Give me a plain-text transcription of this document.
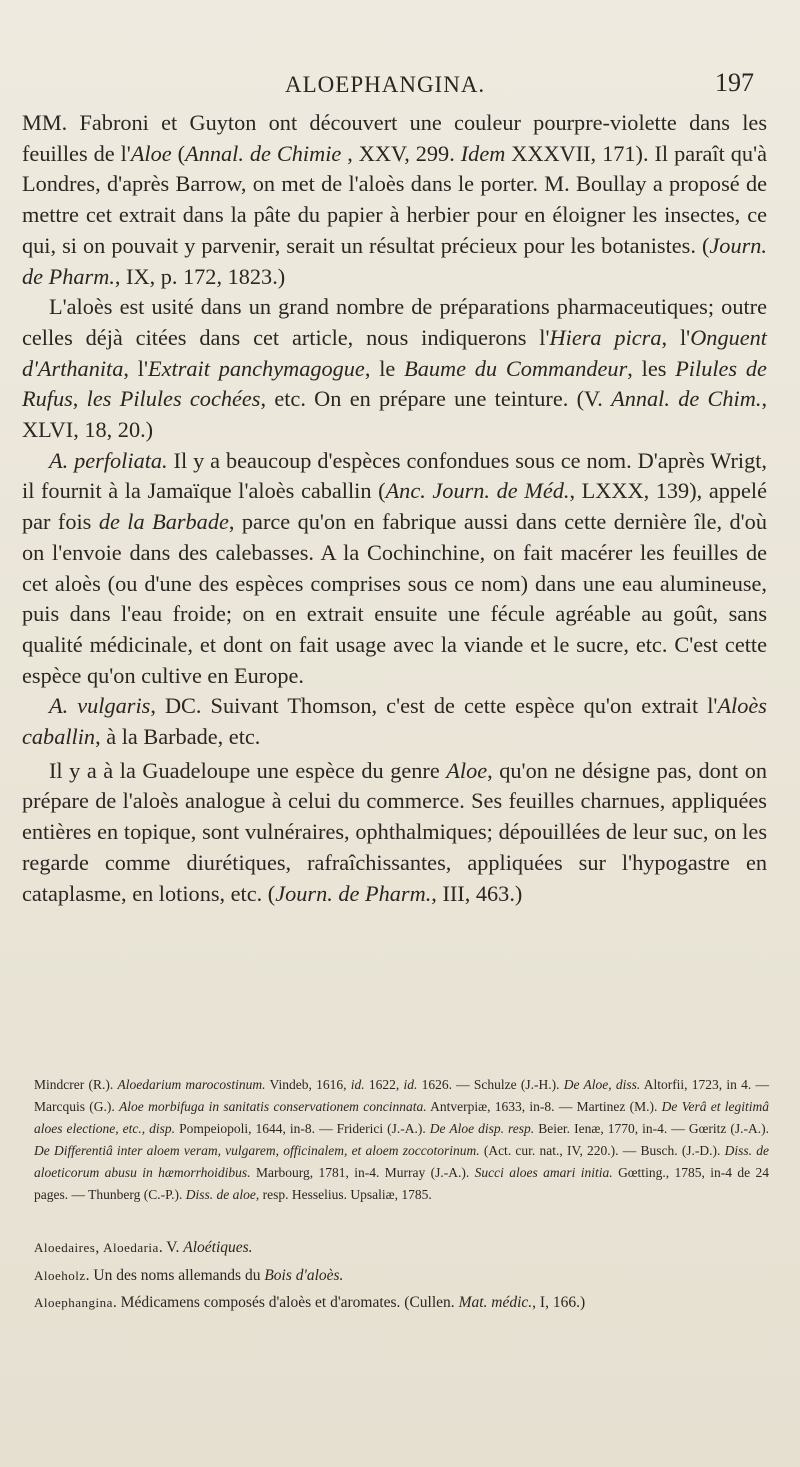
ALOEPHANGINA.	197

MM. Fabroni et Guyton ont découvert une couleur pourpre-violette dans les feuilles de l'Aloe (Annal. de Chimie , XXV, 299. Idem XXXVII, 171). Il paraît qu'à Londres, d'après Barrow, on met de l'aloès dans le porter. M. Boullay a proposé de mettre cet extrait dans la pâte du papier à herbier pour en éloigner les insectes, ce qui, si on pouvait y parvenir, serait un résultat précieux pour les botanistes. (Journ. de Pharm., IX, p. 172, 1823.)

L'aloès est usité dans un grand nombre de préparations pharmaceutiques; outre celles déjà citées dans cet article, nous indiquerons l'Hiera picra, l'Onguent d'Arthanita, l'Extrait panchymagogue, le Baume du Commandeur, les Pilules de Rufus, les Pilules cochées, etc. On en prépare une teinture. (V. Annal. de Chim., XLVI, 18, 20.)

A. perfoliata. Il y a beaucoup d'espèces confondues sous ce nom. D'après Wrigt, il fournit à la Jamaïque l'aloès caballin (Anc. Journ. de Méd., LXXX, 139), appelé par fois de la Barbade, parce qu'on en fabrique aussi dans cette dernière île, d'où on l'envoie dans des calebasses. A la Cochinchine, on fait macérer les feuilles de cet aloès (ou d'une des espèces comprises sous ce nom) dans une eau alumineuse, puis dans l'eau froide; on en extrait ensuite une fécule agréable au goût, sans qualité médicinale, et dont on fait usage avec la viande et le sucre, etc. C'est cette espèce qu'on cultive en Europe.

A. vulgaris, DC. Suivant Thomson, c'est de cette espèce qu'on extrait l'Aloès caballin, à la Barbade, etc.

Il y a à la Guadeloupe une espèce du genre Aloe, qu'on ne désigne pas, dont on prépare de l'aloès analogue à celui du commerce. Ses feuilles charnues, appliquées entières en topique, sont vulnéraires, ophthalmiques; dépouillées de leur suc, on les regarde comme diurétiques, rafraîchissantes, appliquées sur l'hypogastre en cataplasme, en lotions, etc. (Journ. de Pharm., III, 463.)

Mindcrer (R.). Aloedarium marocostinum. Vindeb, 1616, id. 1622, id. 1626. — Schulze (J.-H.). De Aloe, diss. Altorfii, 1723, in 4. — Marcquis (G.). Aloe morbifuga in sanitatis conservationem concinnata. Antverpiæ, 1633, in-8. — Martinez (M.). De Verâ et legitimâ aloes electione, etc., disp. Pompeiopoli, 1644, in-8. — Friderici (J.-A.). De Aloe disp. resp. Beier. Ienæ, 1770, in-4. — Gœritz (J.-A.). De Differentiâ inter aloem veram, vulgarem, officinalem, et aloem zoccotorinum. (Act. cur. nat., IV, 220.). — Busch. (J.-D.). Diss. de aloeticorum abusu in hæmorrhoidibus. Marbourg, 1781, in-4. Murray (J.-A.). Succi aloes amari initia. Gœtting., 1785, in-4 de 24 pages. — Thunberg (C.-P.). Diss. de aloe, resp. Hesselius. Upsaliæ, 1785.

Aloedaires, Aloedaria. V. Aloétiques.

Aloeholz. Un des noms allemands du Bois d'aloès.

Aloephangina. Médicamens composés d'aloès et d'aromates. (Cullen. Mat. médic., I, 166.)
